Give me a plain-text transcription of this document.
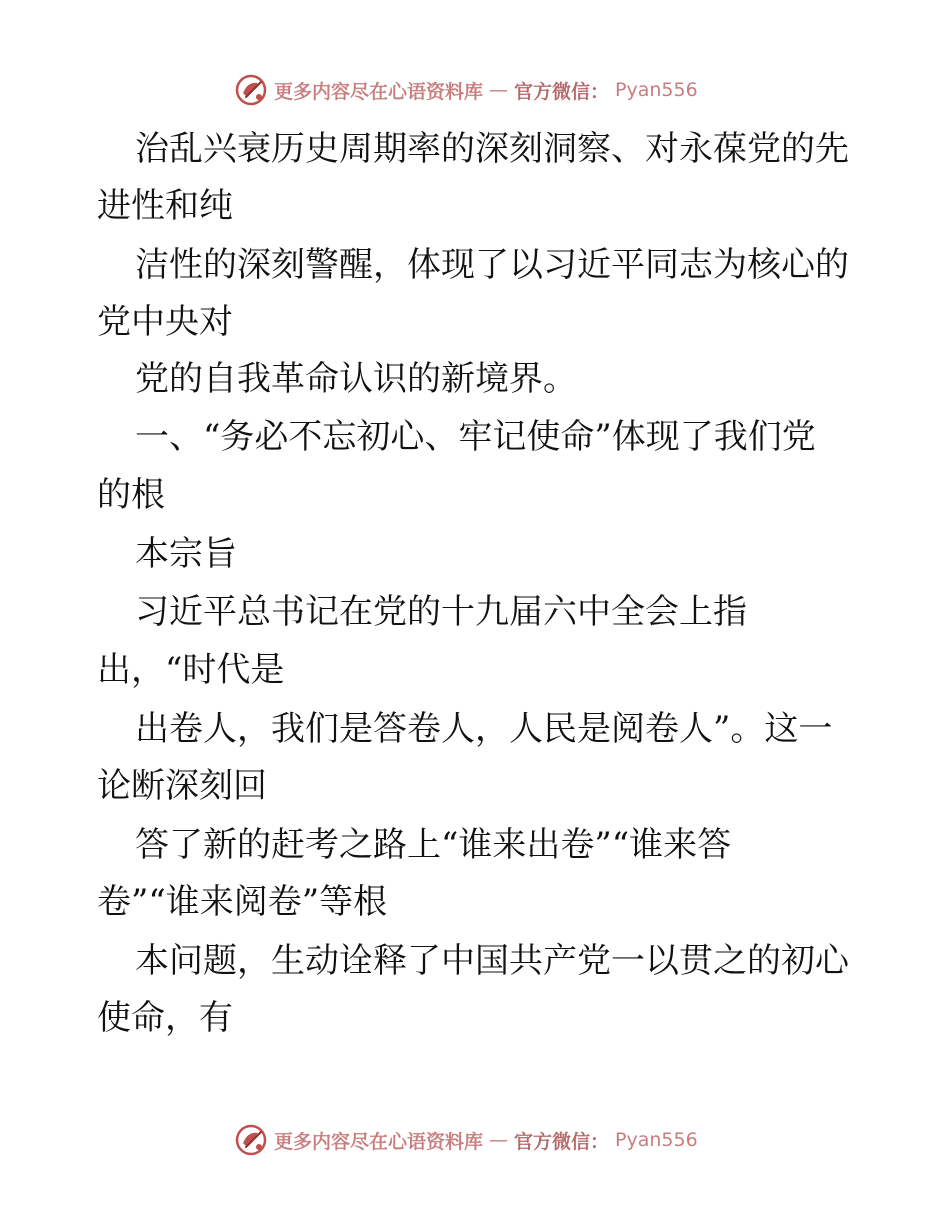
更多内容尽在心语资料库 — 官方微信： Pyan556
治乱兴衰历史周期率的深刻洞察、对永葆党的先
进性和纯
洁性的深刻警醒，体现了以习近平同志为核心的
党中央对
党的自我革命认识的新境界。
一、“务必不忘初心、牢记使命”体现了我们党
的根
本宗旨
习近平总书记在党的十九届六中全会上指
出，“时代是
出卷人，我们是答卷人，人民是阅卷人”。这一
论断深刻回
答了新的赶考之路上“谁来出卷”“谁来答
卷”“谁来阅卷”等根
本问题，生动诠释了中国共产党一以贯之的初心
使命，有
更多内容尽在心语资料库 — 官方微信： Pyan556
